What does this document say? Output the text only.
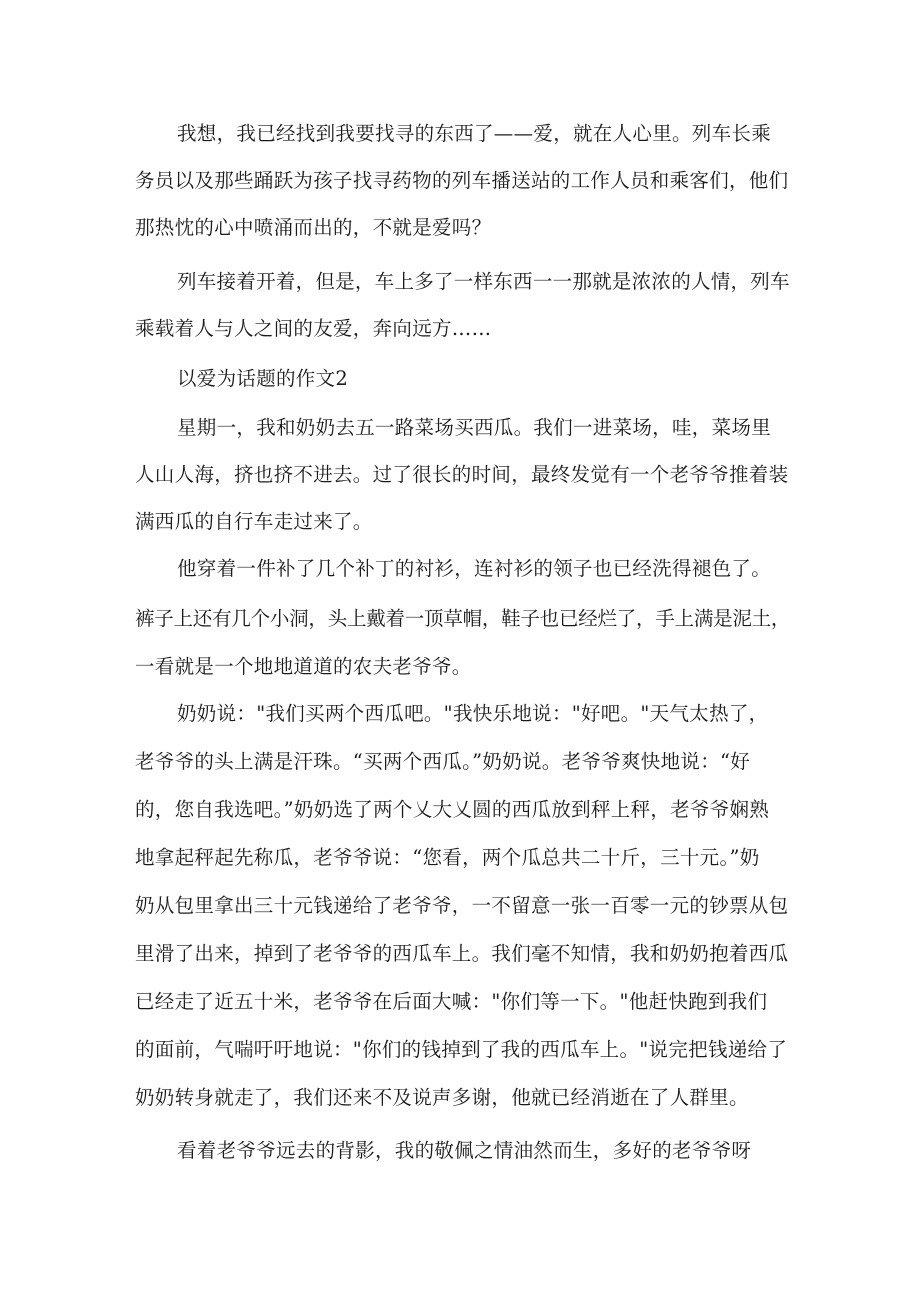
我想，我已经找到我要找寻的东西了——爱，就在人心里。列车长乘
务员以及那些踊跃为孩子找寻药物的列车播送站的工作人员和乘客们，他们
那热忱的心中喷涌而出的，不就是爱吗？
列车接着开着，但是，车上多了一样东西一一那就是浓浓的人情，列车
乘载着人与人之间的友爱，奔向远方……
以爱为话题的作文2
星期一，我和奶奶去五一路菜场买西瓜。我们一进菜场，哇，菜场里
人山人海，挤也挤不进去。过了很长的时间，最终发觉有一个老爷爷推着装
满西瓜的自行车走过来了。
他穿着一件补了几个补丁的衬衫，连衬衫的领子也已经洗得褪色了。
裤子上还有几个小洞，头上戴着一顶草帽，鞋子也已经烂了，手上满是泥土，
一看就是一个地地道道的农夫老爷爷。
奶奶说："我们买两个西瓜吧。"我快乐地说："好吧。"天气太热了，
老爷爷的头上满是汗珠。“买两个西瓜。”奶奶说。老爷爷爽快地说：“好
的，您自我选吧。”奶奶选了两个乂大乂圆的西瓜放到秤上秤，老爷爷娴熟
地拿起秤起先称瓜，老爷爷说：“您看，两个瓜总共二十斤，三十元。”奶
奶从包里拿出三十元钱递给了老爷爷，一不留意一张一百零一元的钞票从包
里滑了出来，掉到了老爷爷的西瓜车上。我们毫不知情，我和奶奶抱着西瓜
已经走了近五十米，老爷爷在后面大喊："你们等一下。"他赶快跑到我们
的面前，气喘吁吁地说："你们的钱掉到了我的西瓜车上。"说完把钱递给了
奶奶转身就走了，我们还来不及说声多谢，他就已经消逝在了人群里。
看着老爷爷远去的背影，我的敬佩之情油然而生，多好的老爷爷呀
